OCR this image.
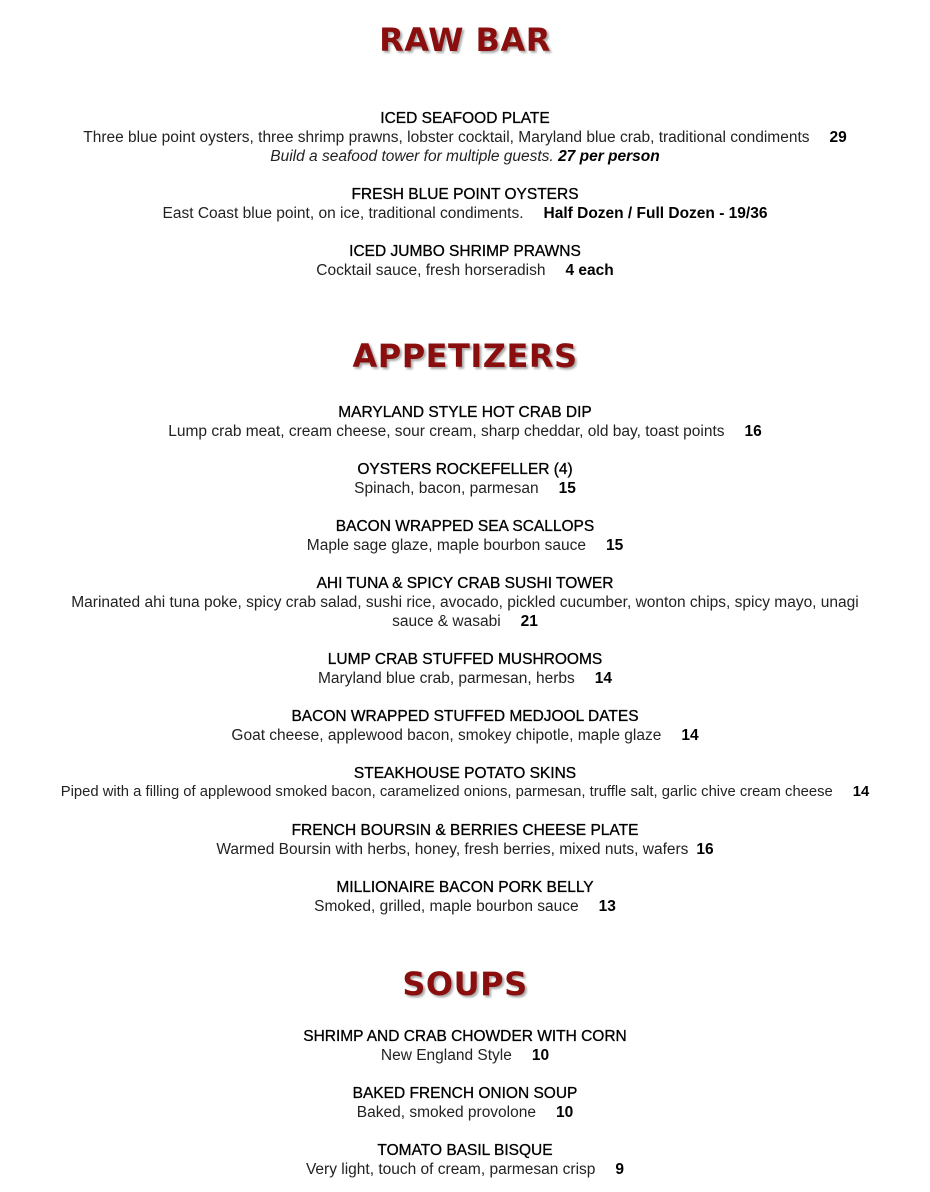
RAW BAR
ICED SEAFOOD PLATE
Three blue point oysters, three shrimp prawns, lobster cocktail, Maryland blue crab, traditional condiments 29
Build a seafood tower for multiple guests. 27 per person
FRESH BLUE POINT OYSTERS
East Coast blue point, on ice, traditional condiments. Half Dozen / Full Dozen - 19/36
ICED JUMBO SHRIMP PRAWNS
Cocktail sauce, fresh horseradish 4 each
APPETIZERS
MARYLAND STYLE HOT CRAB DIP
Lump crab meat, cream cheese, sour cream, sharp cheddar, old bay, toast points 16
OYSTERS ROCKEFELLER (4)
Spinach, bacon, parmesan 15
BACON WRAPPED SEA SCALLOPS
Maple sage glaze, maple bourbon sauce 15
AHI TUNA & SPICY CRAB SUSHI TOWER
Marinated ahi tuna poke, spicy crab salad, sushi rice, avocado, pickled cucumber, wonton chips, spicy mayo, unagi sauce & wasabi 21
LUMP CRAB STUFFED MUSHROOMS
Maryland blue crab, parmesan, herbs 14
BACON WRAPPED STUFFED MEDJOOL DATES
Goat cheese, applewood bacon, smokey chipotle, maple glaze 14
STEAKHOUSE POTATO SKINS
Piped with a filling of applewood smoked bacon, caramelized onions, parmesan, truffle salt, garlic chive cream cheese 14
FRENCH BOURSIN & BERRIES CHEESE PLATE
Warmed Boursin with herbs, honey, fresh berries, mixed nuts, wafers 16
MILLIONAIRE BACON PORK BELLY
Smoked, grilled, maple bourbon sauce 13
SOUPS
SHRIMP AND CRAB CHOWDER WITH CORN
New England Style 10
BAKED FRENCH ONION SOUP
Baked, smoked provolone 10
TOMATO BASIL BISQUE
Very light, touch of cream, parmesan crisp 9
